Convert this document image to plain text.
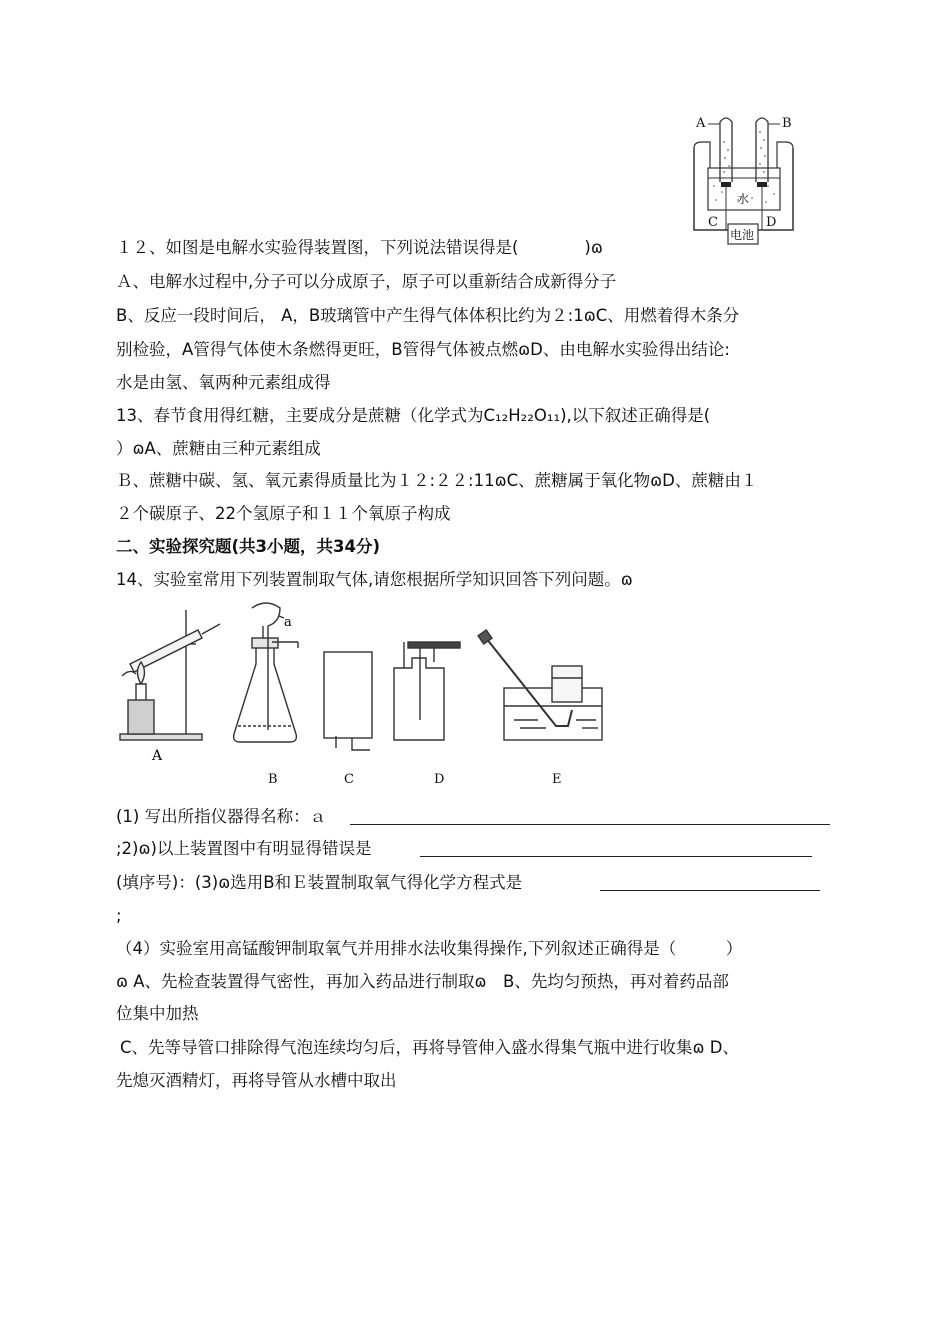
A	B
C	D
水
电池
１２、如图是电解水实验得装置图，下列说法错误得是(　　　　)ɷ
Ａ、电解水过程中,分子可以分成原子，原子可以重新结合成新得分子
B、反应一段时间后， A，B玻璃管中产生得气体体积比约为２:1ɷC、用燃着得木条分
别检验，A管得气体使木条燃得更旺，B管得气体被点燃ɷD、由电解水实验得出结论:
水是由氢、氧两种元素组成得
13、春节食用得红糖，主要成分是蔗糖（化学式为C₁₂H₂₂O₁₁),以下叙述正确得是(
）ɷA、蔗糖由三种元素组成
Ｂ、蔗糖中碳、氢、氧元素得质量比为１２:２２:11ɷC、蔗糖属于氧化物ɷD、蔗糖由１
２个碳原子、22个氢原子和１１个氧原子构成
二、实验探究题(共3小题，共34分)
14、实验室常用下列装置制取气体,请您根据所学知识回答下列问题。ɷ
A
a
B	C	D	E
(1) 写出所指仪器得名称：ａ
;2)ɷ)以上装置图中有明显得错误是
(填序号)：(3)ɷ选用B和Ｅ装置制取氧气得化学方程式是
;
（4）实验室用高锰酸钾制取氧气并用排水法收集得操作,下列叙述正确得是（　　　）
ɷ A、先检查装置得气密性，再加入药品进行制取ɷ　B、先均匀预热，再对着药品部
位集中加热
C、先等导管口排除得气泡连续均匀后，再将导管伸入盛水得集气瓶中进行收集ɷ D、
先熄灭酒精灯，再将导管从水槽中取出
